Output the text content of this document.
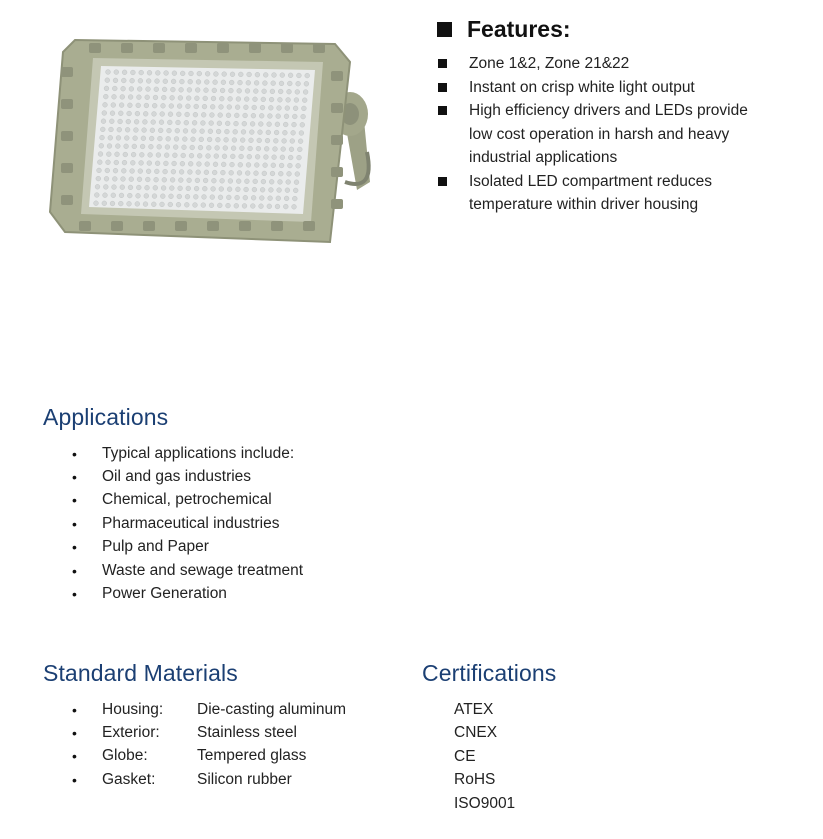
Features:
Zone 1&2, Zone 21&22
Instant on crisp white light output
High efficiency drivers and LEDs provide low cost operation in harsh and heavy industrial applications
Isolated LED compartment reduces temperature within driver housing
Applications
•	Typical applications include:
•	Oil and gas industries
•	Chemical, petrochemical
•	Pharmaceutical industries
•	Pulp and Paper
•	Waste and sewage treatment
•	Power Generation
Standard Materials
•	Housing:	Die-casting aluminum
•	Exterior:	Stainless steel
•	Globe:	Tempered glass
•	Gasket:	Silicon rubber
Certifications
ATEX
CNEX
CE
RoHS
ISO9001
